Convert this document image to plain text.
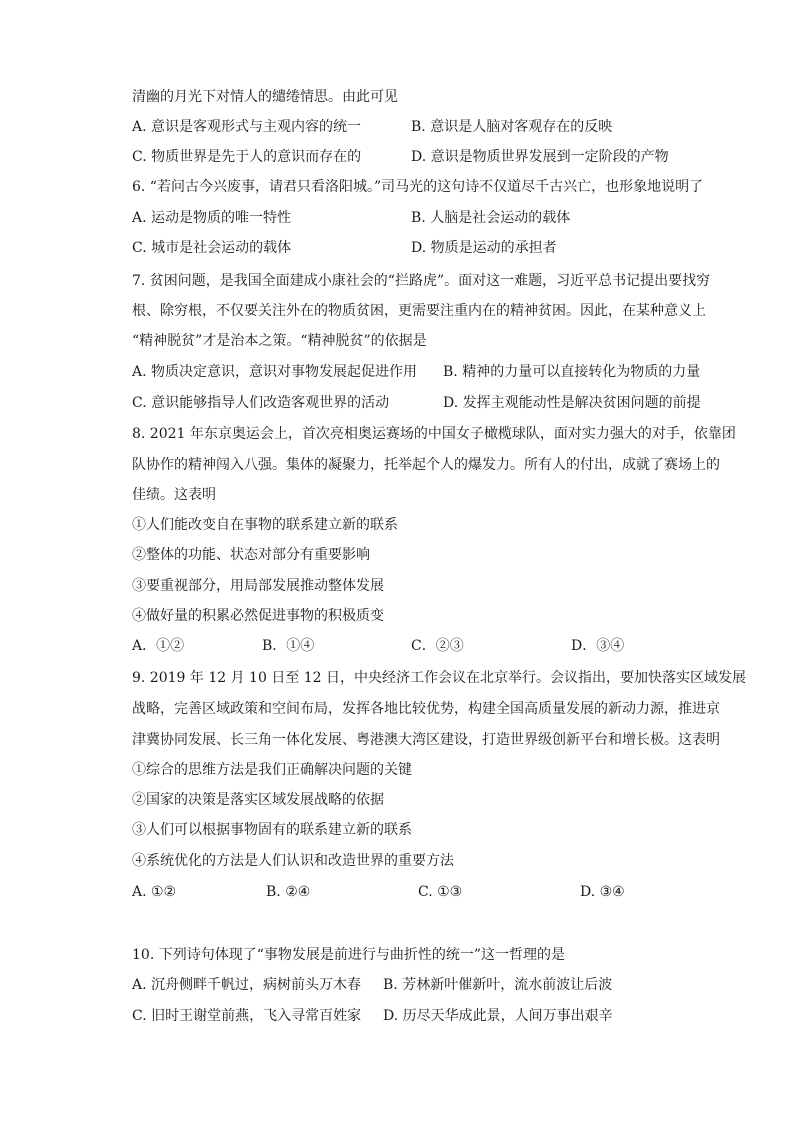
清幽的月光下对情人的缱绻情思。由此可见
A. 意识是客观形式与主观内容的统一	B. 意识是人脑对客观存在的反映
C. 物质世界是先于人的意识而存在的	D. 意识是物质世界发展到一定阶段的产物
6. “若问古今兴废事，请君只看洛阳城。”司马光的这句诗不仅道尽千古兴亡，也形象地说明了
A. 运动是物质的唯一特性	B. 人脑是社会运动的载体
C. 城市是社会运动的载体	D. 物质是运动的承担者
7. 贫困问题，是我国全面建成小康社会的“拦路虎”。面对这一难题，习近平总书记提出要找穷
根、除穷根，不仅要关注外在的物质贫困，更需要注重内在的精神贫困。因此，在某种意义上
“精神脱贫”才是治本之策。“精神脱贫”的依据是
A. 物质决定意识，意识对事物发展起促进作用 B. 精神的力量可以直接转化为物质的力量
C. 意识能够指导人们改造客观世界的活动	D. 发挥主观能动性是解决贫困问题的前提
8. 2021 年东京奥运会上，首次亮相奥运赛场的中国女子橄榄球队，面对实力强大的对手，依靠团
队协作的精神闯入八强。集体的凝聚力，托举起个人的爆发力。所有人的付出，成就了赛场上的
佳绩。这表明
①人们能改变自在事物的联系建立新的联系
②整体的功能、状态对部分有重要影响
③要重视部分，用局部发展推动整体发展
④做好量的积累必然促进事物的积极质变
A．①②	B．①④	C．②③	D．③④
9. 2019 年 12 月 10 日至 12 日，中央经济工作会议在北京举行。会议指出，要加快落实区域发展
战略，完善区域政策和空间布局，发挥各地比较优势，构建全国高质量发展的新动力源，推进京
津冀协同发展、长三角一体化发展、粤港澳大湾区建设，打造世界级创新平台和增长极。这表明
①综合的思维方法是我们正确解决问题的关键
②国家的决策是落实区域发展战略的依据
③人们可以根据事物固有的联系建立新的联系
④系统优化的方法是人们认识和改造世界的重要方法
A. ①②	B. ②④	C. ①③	D. ③④
10. 下列诗句体现了“事物发展是前进行与曲折性的统一”这一哲理的是
A. 沉舟侧畔千帆过，病树前头万木春 B. 芳林新叶催新叶，流水前波让后波
C. 旧时王谢堂前燕，飞入寻常百姓家 D. 历尽天华成此景，人间万事出艰辛
